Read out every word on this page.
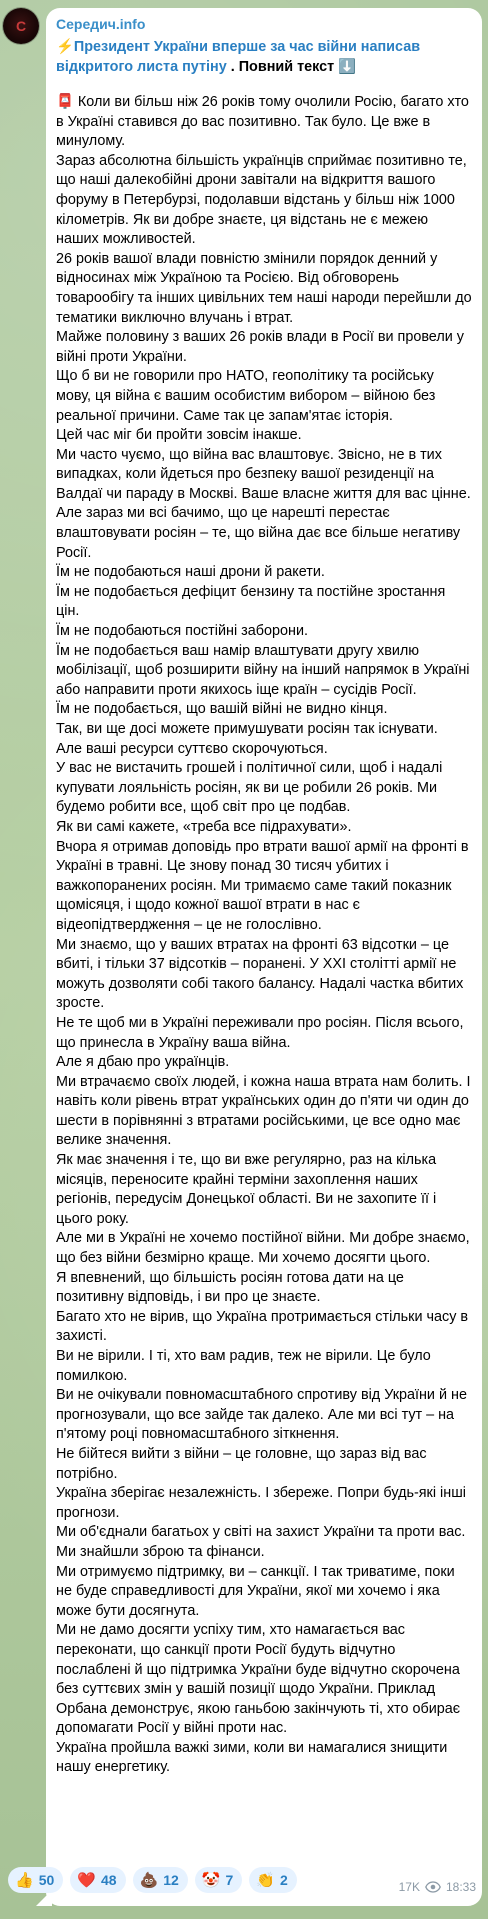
С Середич.info
⚡️Президент України вперше за час війни написав відкритого листа путіну . Повний текст ⬇️
📮 Коли ви більш ніж 26 років тому очолили Росію, багато хто в Україні ставився до вас позитивно. Так було. Це вже в минулому.
Зараз абсолютна більшість українців сприймає позитивно те, що наші далекобійні дрони завітали на відкриття вашого форуму в Петербурзі, подолавши відстань у більш ніж 1000 кілометрів. Як ви добре знаєте, ця відстань не є межею наших можливостей.
26 років вашої влади повністю змінили порядок денний у відносинах між Україною та Росією. Від обговорень товарообігу та інших цивільних тем наші народи перейшли до тематики виключно влучань і втрат.
Майже половину з ваших 26 років влади в Росії ви провели у війні проти України.
Що б ви не говорили про НАТО, геополітику та російську мову, ця війна є вашим особистим вибором – війною без реальної причини. Саме так це запам'ятає історія.
Цей час міг би пройти зовсім інакше.
Ми часто чуємо, що війна вас влаштовує. Звісно, не в тих випадках, коли йдеться про безпеку вашої резиденції на Валдаї чи параду в Москві. Ваше власне життя для вас цінне.
Але зараз ми всі бачимо, що це нарешті перестає влаштовувати росіян – те, що війна дає все більше негативу Росії.
Їм не подобаються наші дрони й ракети.
Їм не подобається дефіцит бензину та постійне зростання цін.
Їм не подобаються постійні заборони.
Їм не подобається ваш намір влаштувати другу хвилю мобілізації, щоб розширити війну на інший напрямок в Україні або направити проти якихось іще країн – сусідів Росії.
Їм не подобається, що вашій війні не видно кінця.
Так, ви ще досі можете примушувати росіян так існувати.
Але ваші ресурси суттєво скорочуються.
У вас не вистачить грошей і політичної сили, щоб і надалі купувати лояльність росіян, як ви це робили 26 років. Ми будемо робити все, щоб світ про це подбав.
Як ви самі кажете, «треба все підрахувати».
Вчора я отримав доповідь про втрати вашої армії на фронті в Україні в травні. Це знову понад 30 тисяч убитих і важкопоранених росіян. Ми тримаємо саме такий показник щомісяця, і щодо кожної вашої втрати в нас є відеопідтвердження – це не голослівно.
Ми знаємо, що у ваших втратах на фронті 63 відсотки – це вбиті, і тільки 37 відсотків – поранені. У XXI столітті армії не можуть дозволяти собі такого балансу. Надалі частка вбитих зросте.
Не те щоб ми в Україні переживали про росіян. Після всього, що принесла в Україну ваша війна.
Але я дбаю про українців.
Ми втрачаємо своїх людей, і кожна наша втрата нам болить. І навіть коли рівень втрат українських один до п'яти чи один до шести в порівнянні з втратами російськими, це все одно має велике значення.
Як має значення і те, що ви вже регулярно, раз на кілька місяців, переносите крайні терміни захоплення наших регіонів, передусім Донецької області. Ви не захопите її і цього року.
Але ми в Україні не хочемо постійної війни. Ми добре знаємо, що без війни безмірно краще. Ми хочемо досягти цього.
Я впевнений, що більшість росіян готова дати на це позитивну відповідь, і ви про це знаєте.
Багато хто не вірив, що Україна протримається стільки часу в захисті.
Ви не вірили. І ті, хто вам радив, теж не вірили. Це було помилкою.
Ви не очікували повномасштабного спротиву від України й не прогнозували, що все зайде так далеко. Але ми всі тут – на п'ятому році повномасштабного зіткнення.
Не бійтеся вийти з війни – це головне, що зараз від вас потрібно.
Україна зберігає незалежність. І збереже. Попри будь-які інші прогнози.
Ми об'єднали багатьох у світі на захист України та проти вас. Ми знайшли зброю та фінанси.
Ми отримуємо підтримку, ви – санкції. І так триватиме, поки не буде справедливості для України, якої ми хочемо і яка може бути досягнута.
Ми не дамо досягти успіху тим, хто намагається вас переконати, що санкції проти Росії будуть відчутно послаблені й що підтримка України буде відчутно скорочена без суттєвих змін у вашій позиції щодо України. Приклад Орбана демонструє, якою ганьбою закінчують ті, хто обирає допомагати Росії у війні проти нас.
Україна пройшла важкі зими, коли ви намагалися знищити нашу енергетику.
👍 50 ❤️ 48 💩 12 🤡 7 👏 2	17K 18:33
